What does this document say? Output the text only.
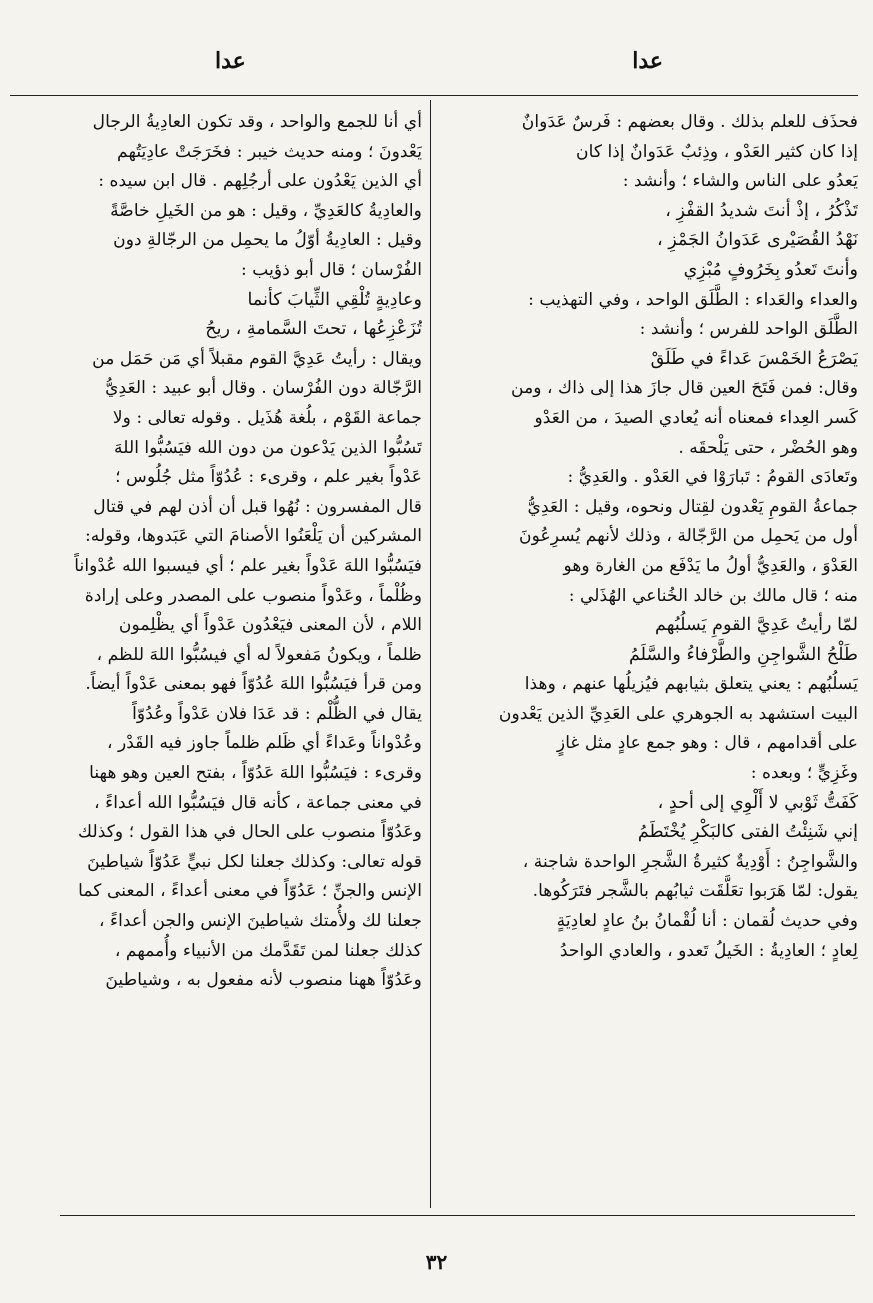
عدا
عدا

فحذَف للعلم بذلك . وقال بعضهم : فَرسٌ عَدَوانٌ

إذا كان كثير العَدْو ، وذِئبٌ عَدَوانٌ إذا كان

يَعدُو على الناس والشاء ؛ وأنشد :

تَذْكُرُ ، إذْ أنتَ شديدُ القفْزِ ،

نَهْدُ القُصَيْرى عَدَوانُ الجَمْزِ ،

وأنتَ تَعدُو بِخَرُوفٍ مُبْزِي

والعداء والعَداء : الطَّلَق الواحد ، وفي التهذيب :

الطَّلَق الواحد للفرس ؛ وأنشد :

يَصْرَعُ الخَمْسَ عَداءً في طَلَقْ

وقال: فمن فَتَحَ العين قال جازَ هذا إلى ذاك ، ومن

كَسر العِداء فمعناه أنه يُعادي الصيدَ ، من العَدْو

وهو الحُضْر ، حتى يَلْحقَه .

وتَعادَى القومُ : تَبارَوْا في العَدْو . والعَدِيُّ :

جماعةُ القومِ يَعْدون لقِتال ونحوه، وقيل : العَدِيُّ

أول من يَحمِل من الرَّجّالة ، وذلك لأنهم يُسرِعُونَ

العَدْوَ ، والعَدِيُّ أولُ ما يَدْفَع من الغارة وهو

منه ؛ قال مالك بن خالد الخُناعي الهُذَلي :

لمّا رأيتُ عَدِيَّ القومِ يَسلُبُهم

طَلْحُ الشَّواجِنِ والطَّرْفاءُ والسَّلَمُ

يَسلُبُهم : يعني يتعلق بثيابهم فيُزيلُها عنهم ، وهذا

البيت استشهد به الجوهري على العَدِيِّ الذين يَعْدون

على أقدامهم ، قال : وهو جمع عادٍ مثل غازٍ

وغَزِيٍّ ؛ وبعده :

كَفَتُّ ثَوْبي لا أَلْوِي إلى أحدٍ ،

إني شَنِئْتُ الفتى كالبَكْرِ يُخْتَطَمُ

والشَّواجِنُ : أَوْدِيةٌ كثيرةُ الشَّجرِ الواحدة شاجنة ،

يقول: لمّا هَرَبوا تعَلَّقَت ثيابُهم بالشَّجر فتَرَكُوها.

وفي حديث لُقمان : أنا لُقْمانُ بنُ عادٍ لعادِيَةٍ

لِعادٍ ؛ العادِيةُ : الخَيلُ تَعدو ، والعادي الواحدُ

أي أنا للجمع والواحد ، وقد تكون العادِيةُ الرجال

يَعْدونَ ؛ ومنه حديث خيبر : فخَرَجَتْ عادِيَتُهم

أي الذين يَعْدُون على أرجُلِهم . قال ابن سيده :

والعادِيةُ كالعَدِيِّ ، وقيل : هو من الخَيلِ خاصَّةً

وقيل : العادِيةُ أوّلُ ما يحمِل من الرجّالةِ دون

الفُرْسان ؛ قال أبو ذؤيب :

وعادِيةٍ تُلْقِي الثِّيابَ كأنما

تُزَعْزِعُها ، تحتَ السَّمامةِ ، ريحُ

ويقال : رأيتُ عَدِيَّ القوم مقبلاً أي مَن حَمَل من

الرَّجّالة دون الفُرْسان . وقال أبو عبيد : العَدِيُّ

جماعة القَوْم ، بلُغة هُذَيل . وقوله تعالى : ولا

تَسُبُّوا الذين يَدْعون من دون الله فيَسُبُّوا اللهَ

عَدْواً بغير علم ، وقرىء : عُدُوّاً مثل جُلُوس ؛

قال المفسرون : نُهُوا قبل أن أذن لهم في قتال

المشركين أن يَلْعَنُوا الأصنامَ التي عَبَدوها، وقوله:

فيَسُبُّوا اللهَ عَدْواً بغير علم ؛ أي فيسبوا الله عُدْواناً

وظُلْماً ، وعَدْواً منصوب على المصدر وعلى إرادة

اللام ، لأن المعنى فيَعْدُون عَدْواً أي يظْلِمون

ظلماً ، ويكونُ مَفعولاً له أي فيسُبُّوا اللهَ للظم ،

ومن قرأ فيَسُبُّوا اللهَ عُدُوّاً فهو بمعنى عَدْواً أيضاً.

يقال في الظُّلْم : قد عَدَا فلان عَدْواً وعُدُوّاً

وعُدْواناً وعَداءً أي ظَلم ظلماً جاوز فيه القَدْر ،

وقرىء : فيَسُبُّوا اللهَ عَدُوّاً ، بفتح العين وهو ههنا

في معنى جماعة ، كأنه قال فيَسُبُّوا الله أعداءً ،

وعَدُوّاً منصوب على الحال في هذا القول ؛ وكذلك

قوله تعالى: وكذلك جعلنا لكل نبيٍّ عَدُوّاً شياطينَ

الإنس والجنِّ ؛ عَدُوّاً في معنى أعداءً ، المعنى كما

جعلنا لك ولأُمتك شياطينَ الإنس والجن أعداءً ،

كذلك جعلنا لمن تَقَدَّمك من الأنبياء وأُممهم ،

وعَدُوّاً ههنا منصوب لأنه مفعول به ، وشياطينَ

٣٢
